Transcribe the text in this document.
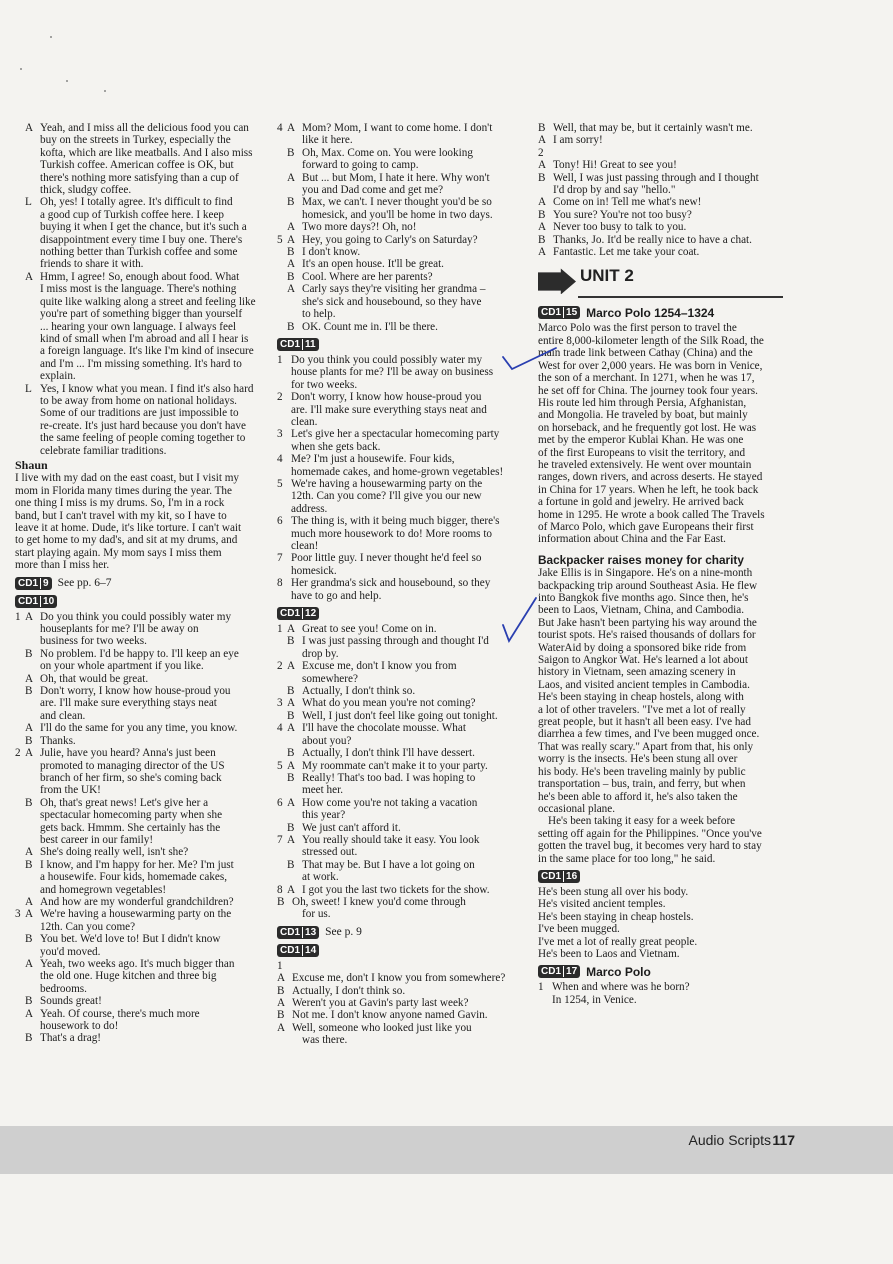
A Yeah, and I miss all the delicious food you can
buy on the streets in Turkey, especially the
kofta, which are like meatballs. And I also miss
Turkish coffee. American coffee is OK, but
there's nothing more satisfying than a cup of
thick, sludgy coffee.
L Oh, yes! I totally agree. It's difficult to find
a good cup of Turkish coffee here. I keep
buying it when I get the chance, but it's such a
disappointment every time I buy one. There's
nothing better than Turkish coffee and some
friends to share it with.
A Hmm, I agree! So, enough about food. What
I miss most is the language. There's nothing
quite like walking along a street and feeling like
you're part of something bigger than yourself
... hearing your own language. I always feel
kind of small when I'm abroad and all I hear is
a foreign language. It's like I'm kind of insecure
and I'm ... I'm missing something. It's hard to
explain.
L Yes, I know what you mean. I find it's also hard
to be away from home on national holidays.
Some of our traditions are just impossible to
re-create. It's just hard because you don't have
the same feeling of people coming together to
celebrate familiar traditions.
Shaun
I live with my dad on the east coast, but I visit my
mom in Florida many times during the year. The
one thing I miss is my drums. So, I'm in a rock
band, but I can't travel with my kit, so I have to
leave it at home. Dude, it's like torture. I can't wait
to get home to my dad's, and sit at my drums, and
start playing again. My mom says I miss them
more than I miss her.
CD1 9 See pp. 6–7
CD1 10
1 A Do you think you could possibly water my
houseplants for me? I'll be away on
business for two weeks.
B No problem. I'd be happy to. I'll keep an eye
on your whole apartment if you like.
A Oh, that would be great.
B Don't worry, I know how house-proud you
are. I'll make sure everything stays neat
and clean.
A I'll do the same for you any time, you know.
B Thanks.
2 A Julie, have you heard? Anna's just been
promoted to managing director of the US
branch of her firm, so she's coming back
from the UK!
B Oh, that's great news! Let's give her a
spectacular homecoming party when she
gets back. Hmmm. She certainly has the
best career in our family!
A She's doing really well, isn't she?
B I know, and I'm happy for her. Me? I'm just
a housewife. Four kids, homemade cakes,
and homegrown vegetables!
A And how are my wonderful grandchildren?
3 A We're having a housewarming party on the
12th. Can you come?
B You bet. We'd love to! But I didn't know
you'd moved.
A Yeah, two weeks ago. It's much bigger than
the old one. Huge kitchen and three big
bedrooms.
B Sounds great!
A Yeah. Of course, there's much more
housework to do!
B That's a drag!
4 A Mom? Mom, I want to come home. I don't
like it here.
B Oh, Max. Come on. You were looking
forward to going to camp.
A But ... but Mom, I hate it here. Why won't
you and Dad come and get me?
B Max, we can't. I never thought you'd be so
homesick, and you'll be home in two days.
A Two more days?! Oh, no!
5 A Hey, you going to Carly's on Saturday?
B I don't know.
A It's an open house. It'll be great.
B Cool. Where are her parents?
A Carly says they're visiting her grandma –
she's sick and housebound, so they have
to help.
B OK. Count me in. I'll be there.
CD1 11
1 Do you think you could possibly water my
house plants for me? I'll be away on business
for two weeks.
2 Don't worry, I know how house-proud you
are. I'll make sure everything stays neat and
clean.
3 Let's give her a spectacular homecoming party
when she gets back.
4 Me? I'm just a housewife. Four kids,
homemade cakes, and home-grown vegetables!
5 We're having a housewarming party on the
12th. Can you come? I'll give you our new
address.
6 The thing is, with it being much bigger, there's
much more housework to do! More rooms to
clean!
7 Poor little guy. I never thought he'd feel so
homesick.
8 Her grandma's sick and housebound, so they
have to go and help.
CD1 12
1 A Great to see you! Come on in.
B I was just passing through and thought I'd
drop by.
2 A Excuse me, don't I know you from
somewhere?
B Actually, I don't think so.
3 A What do you mean you're not coming?
B Well, I just don't feel like going out tonight.
4 A I'll have the chocolate mousse. What
about you?
B Actually, I don't think I'll have dessert.
5 A My roommate can't make it to your party.
B Really! That's too bad. I was hoping to
meet her.
6 A How come you're not taking a vacation
this year?
B We just can't afford it.
7 A You really should take it easy. You look
stressed out.
B That may be. But I have a lot going on
at work.
8 A I got you the last two tickets for the show.
B Oh, sweet! I knew you'd come through
for us.
CD1 13 See p. 9
CD1 14
1
A Excuse me, don't I know you from somewhere?
B Actually, I don't think so.
A Weren't you at Gavin's party last week?
B Not me. I don't know anyone named Gavin.
A Well, someone who looked just like you
was there.
B Well, that may be, but it certainly wasn't me.
A I am sorry!
2
A Tony! Hi! Great to see you!
B Well, I was just passing through and I thought
I'd drop by and say "hello."
A Come on in! Tell me what's new!
B You sure? You're not too busy?
A Never too busy to talk to you.
B Thanks, Jo. It'd be really nice to have a chat.
A Fantastic. Let me take your coat.
UNIT 2
CD1 15 Marco Polo 1254–1324
Marco Polo was the first person to travel the
entire 8,000-kilometer length of the Silk Road, the
main trade link between Cathay (China) and the
West for over 2,000 years. He was born in Venice,
the son of a merchant. In 1271, when he was 17,
he set off for China. The journey took four years.
His route led him through Persia, Afghanistan,
and Mongolia. He traveled by boat, but mainly
on horseback, and he frequently got lost. He was
met by the emperor Kublai Khan. He was one
of the first Europeans to visit the territory, and
he traveled extensively. He went over mountain
ranges, down rivers, and across deserts. He stayed
in China for 17 years. When he left, he took back
a fortune in gold and jewelry. He arrived back
home in 1295. He wrote a book called The Travels
of Marco Polo, which gave Europeans their first
information about China and the Far East.
Backpacker raises money for charity
Jake Ellis is in Singapore. He's on a nine-month
backpacking trip around Southeast Asia. He flew
into Bangkok five months ago. Since then, he's
been to Laos, Vietnam, China, and Cambodia.
But Jake hasn't been partying his way around the
tourist spots. He's raised thousands of dollars for
WaterAid by doing a sponsored bike ride from
Saigon to Angkor Wat. He's learned a lot about
history in Vietnam, seen amazing scenery in
Laos, and visited ancient temples in Cambodia.
He's been staying in cheap hostels, along with
a lot of other travelers. "I've met a lot of really
great people, but it hasn't all been easy. I've had
diarrhea a few times, and I've been mugged once.
That was really scary." Apart from that, his only
worry is the insects. He's been stung all over
his body. He's been traveling mainly by public
transportation – bus, train, and ferry, but when
he's been able to afford it, he's also taken the
occasional plane.
He's been taking it easy for a week before
setting off again for the Philippines. "Once you've
gotten the travel bug, it becomes very hard to stay
in the same place for too long," he said.
CD1 16
He's been stung all over his body.
He's visited ancient temples.
He's been staying in cheap hostels.
I've been mugged.
I've met a lot of really great people.
He's been to Laos and Vietnam.
CD1 17 Marco Polo
1 When and where was he born?
In 1254, in Venice.
Audio Scripts 117
